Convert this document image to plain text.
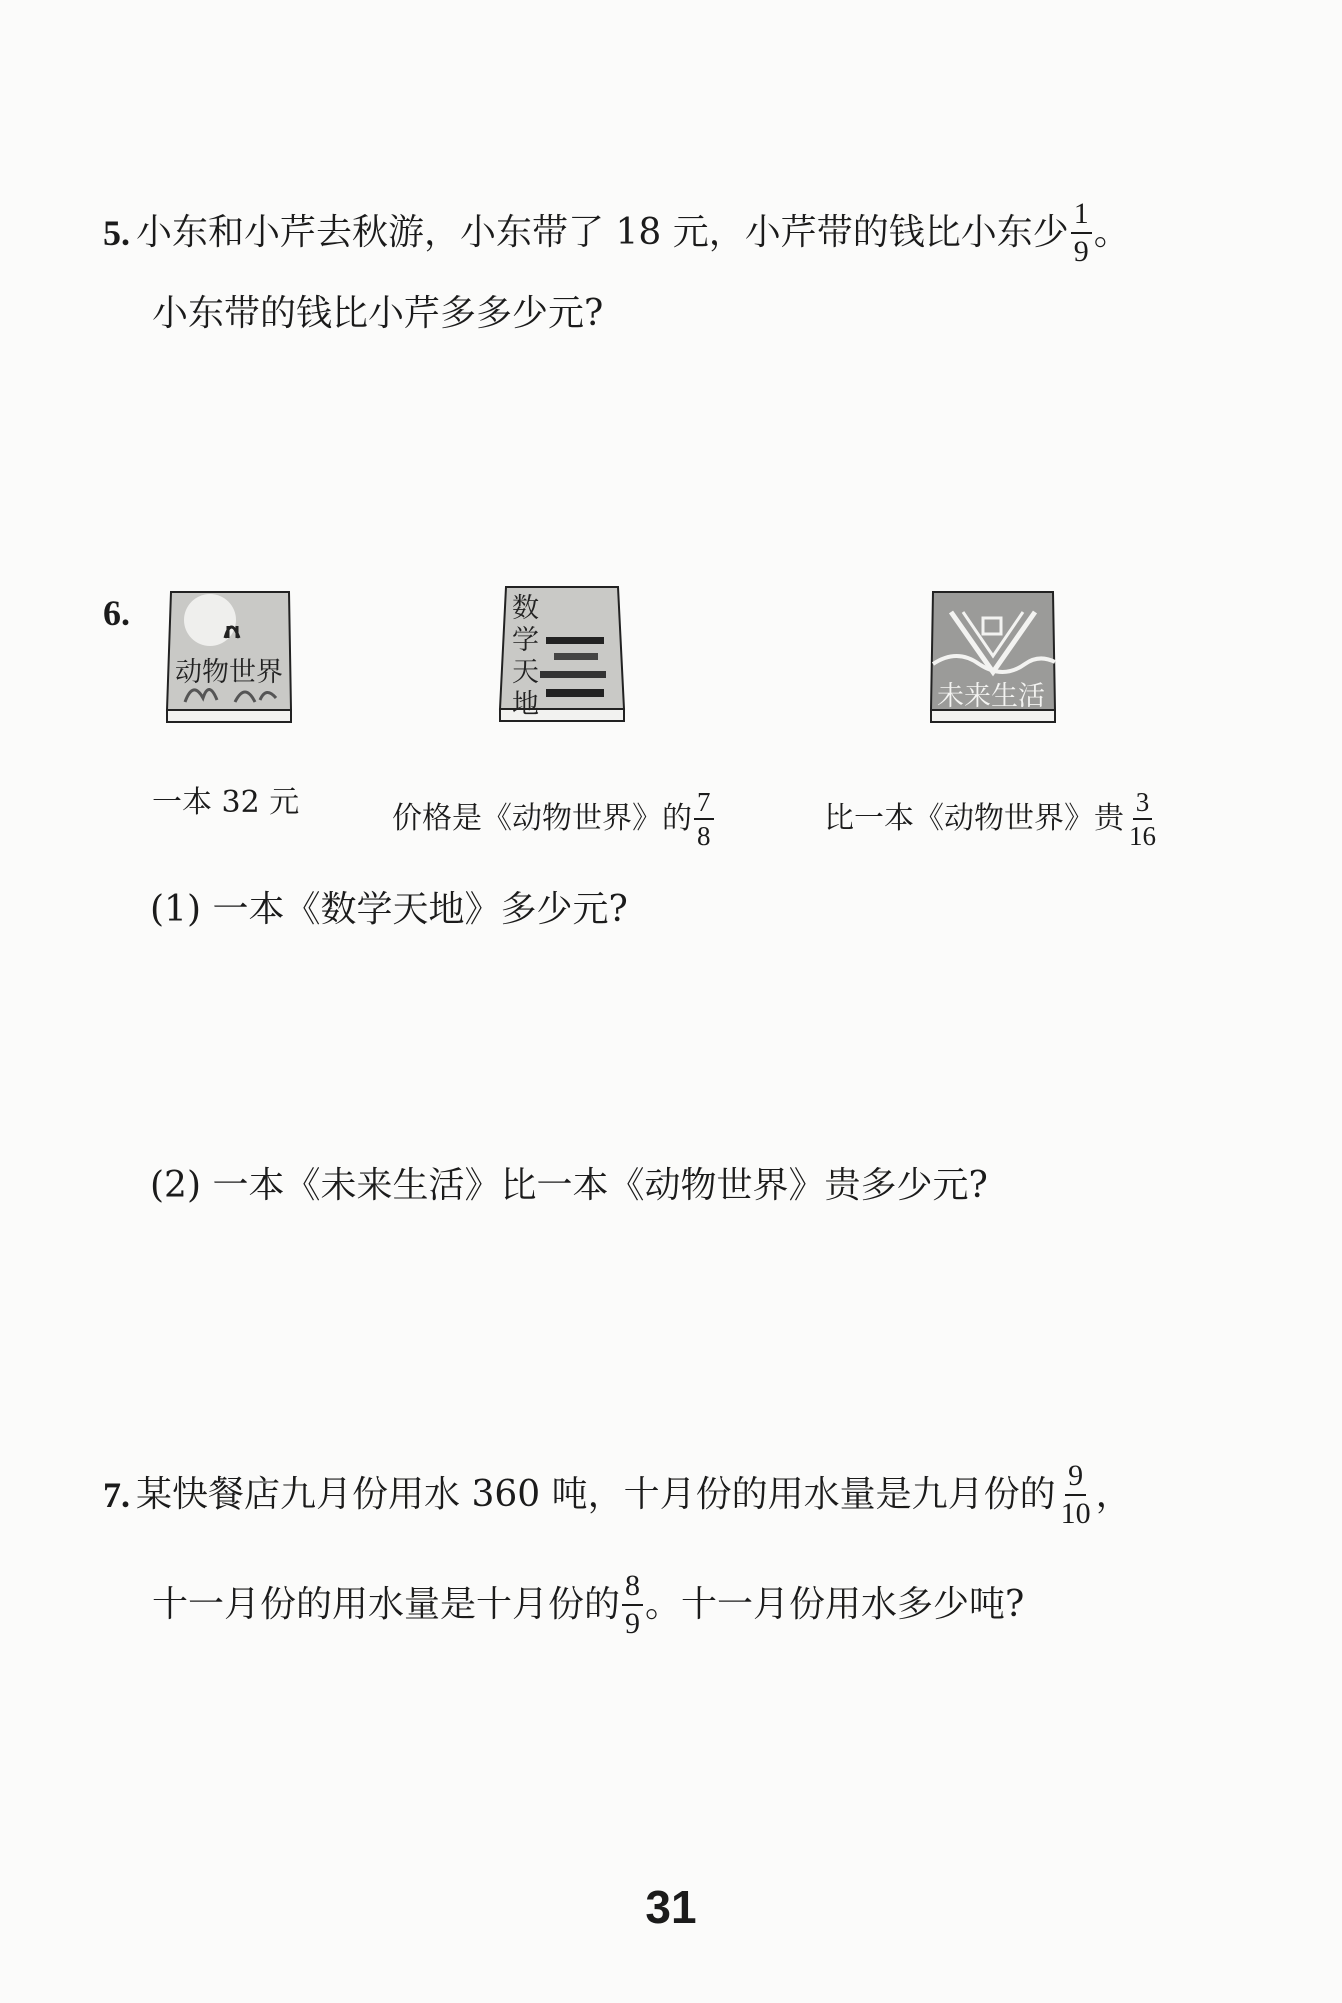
5. 小东和小芹去秋游，小东带了 18 元，小芹带的钱比小东少 $\frac{1}{9}$ 。
小东带的钱比小芹多多少元?
6.
动物世界
数学天地	未来生活
一本 32 元	价格是《动物世界》的 $\frac{7}{8}$	比一本《动物世界》贵 $\frac{3}{16}$
(1) 一本《数学天地》多少元?
(2) 一本《未来生活》比一本《动物世界》贵多少元?
7. 某快餐店九月份用水 360 吨，十月份的用水量是九月份的 $\frac{9}{10}$ ，
十一月份的用水量是十月份的 $\frac{8}{9}$ 。十一月份用水多少吨?
31
